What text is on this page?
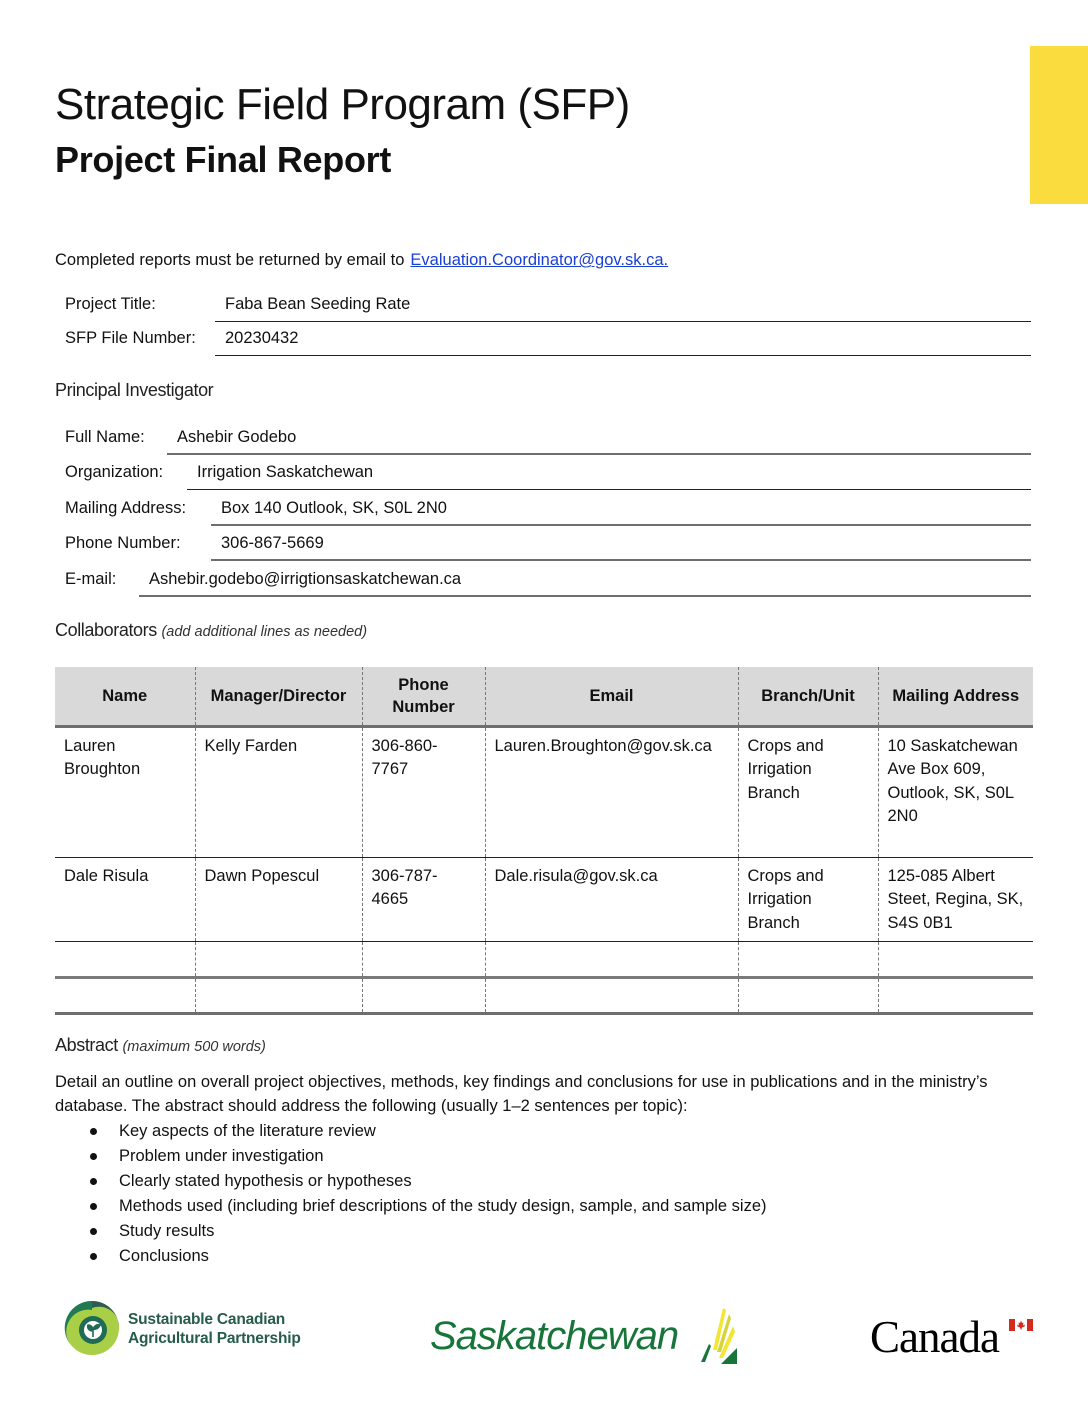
Strategic Field Program (SFP)
Project Final Report
Completed reports must be returned by email to Evaluation.Coordinator@gov.sk.ca.
Project Title:	Faba Bean Seeding Rate
SFP File Number:	20230432
Principal Investigator
Full Name:	Ashebir Godebo
Organization:	Irrigation Saskatchewan
Mailing Address:	Box 140 Outlook, SK, S0L 2N0
Phone Number:	306-867-5669
E-mail:	Ashebir.godebo@irrigtionsaskatchewan.ca
Collaborators (add additional lines as needed)
Name	Manager/Director	Phone Number	Email	Branch/Unit	Mailing Address

Lauren Broughton	Kelly Farden	306-860-7767	Lauren.Broughton@gov.sk.ca	Crops and Irrigation Branch	10 Saskatchewan Ave Box 609, Outlook, SK, S0L 2N0

Dale Risula	Dawn Popescul	306-787-4665	Dale.risula@gov.sk.ca	Crops and Irrigation Branch	125-085 Albert Steet, Regina, SK, S4S 0B1

Abstract (maximum 500 words)

Detail an outline on overall project objectives, methods, key findings and conclusions for use in publications and in the ministry’s database. The abstract should address the following (usually 1–2 sentences per topic):

Key aspects of the literature review
Problem under investigation
Clearly stated hypothesis or hypotheses
Methods used (including brief descriptions of the study design, sample, and sample size)
Study results
Conclusions
Sustainable Canadian
Agricultural Partnership	Saskatchewan	Canada
